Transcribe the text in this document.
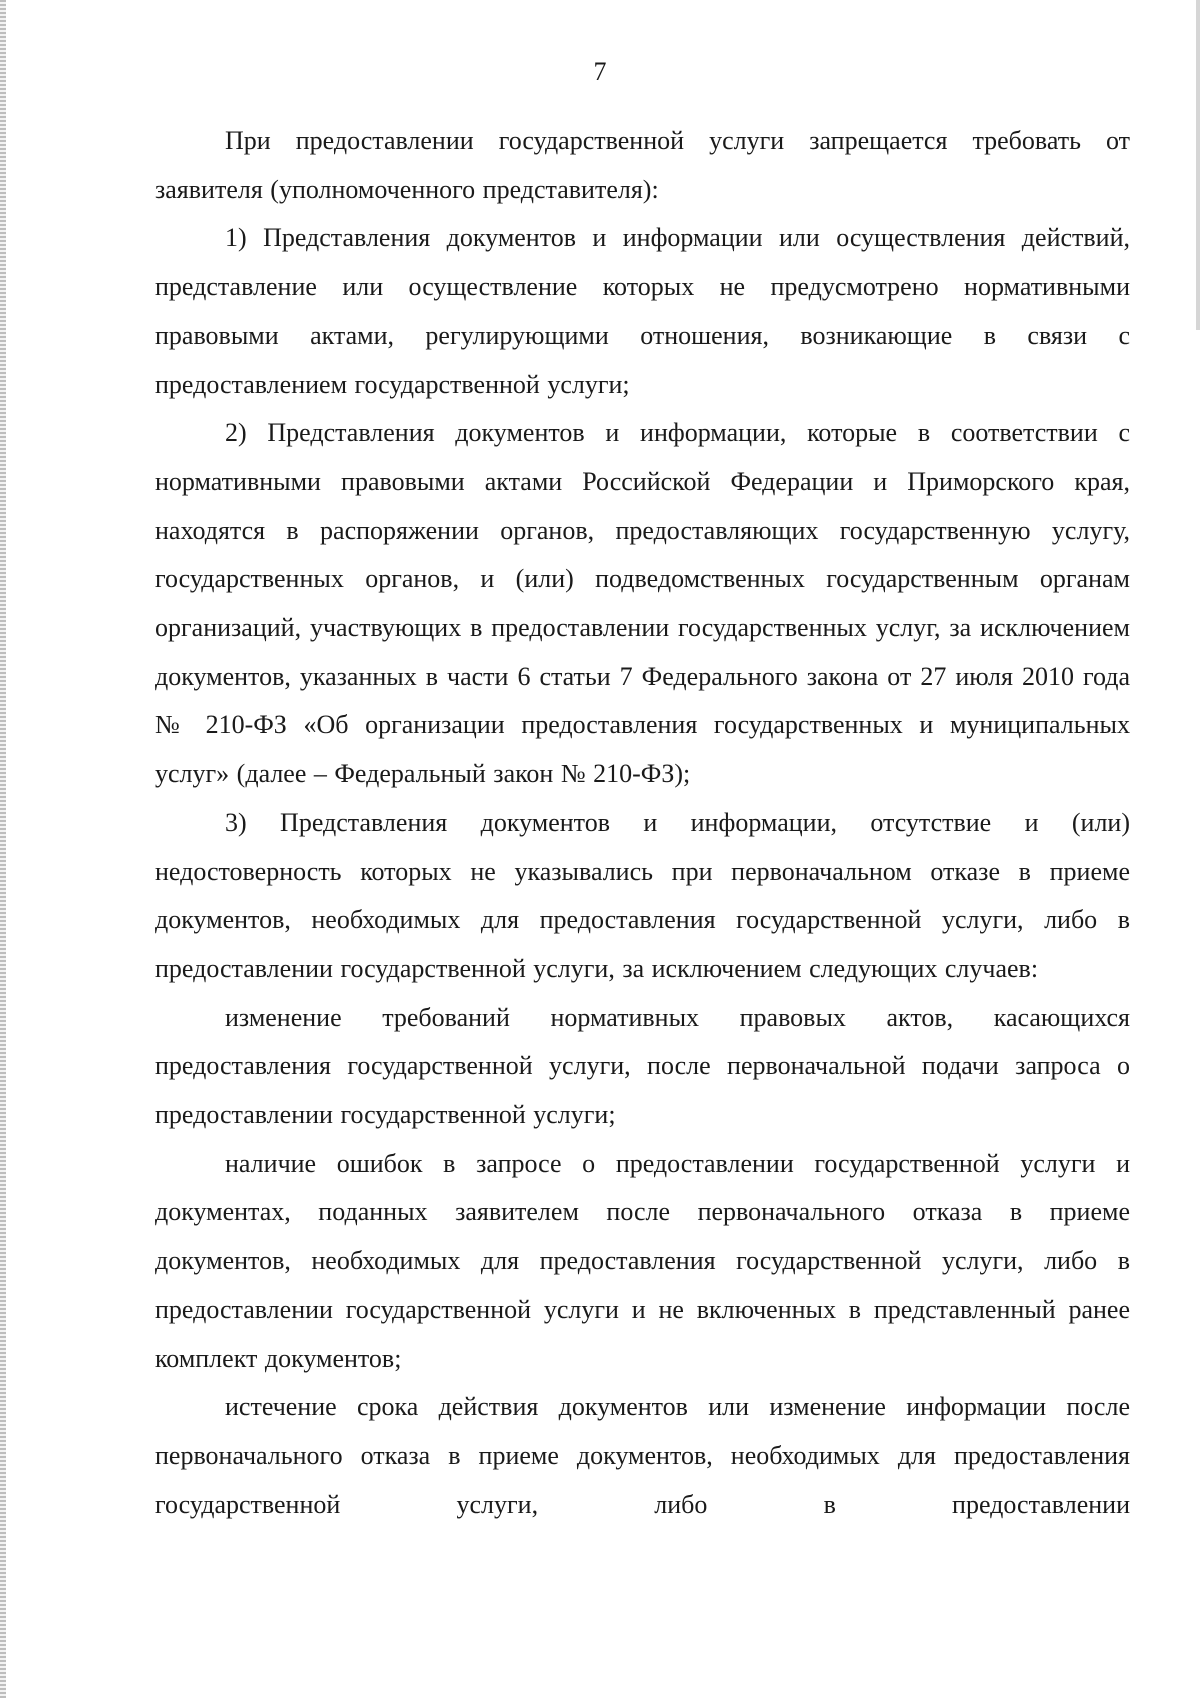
7

При предоставлении государственной услуги запрещается требовать от заявителя (уполномоченного представителя):

1) Представления документов и информации или осуществления действий, представление или осуществление которых не предусмотрено нормативными правовыми актами, регулирующими отношения, возникающие в связи с предоставлением государственной услуги;

2) Представления документов и информации, которые в соответствии с нормативными правовыми актами Российской Федерации и Приморского края, находятся в распоряжении органов, предоставляющих государственную услугу, государственных органов, и (или) подведомственных государственным органам организаций, участвующих в предоставлении государственных услуг, за исключением документов, указанных в части 6 статьи 7 Федерального закона от 27 июля 2010 года № 210-ФЗ «Об организации предоставления государственных и муниципальных услуг» (далее – Федеральный закон № 210-ФЗ);

3) Представления документов и информации, отсутствие и (или) недостоверность которых не указывались при первоначальном отказе в приеме документов, необходимых для предоставления государственной услуги, либо в предоставлении государственной услуги, за исключением следующих случаев:

изменение требований нормативных правовых актов, касающихся предоставления государственной услуги, после первоначальной подачи запроса о предоставлении государственной услуги;

наличие ошибок в запросе о предоставлении государственной услуги и документах, поданных заявителем после первоначального отказа в приеме документов, необходимых для предоставления государственной услуги, либо в предоставлении государственной услуги и не включенных в представленный ранее комплект документов;

истечение срока действия документов или изменение информации после первоначального отказа в приеме документов, необходимых для предоставления государственной услуги, либо в предоставлении
